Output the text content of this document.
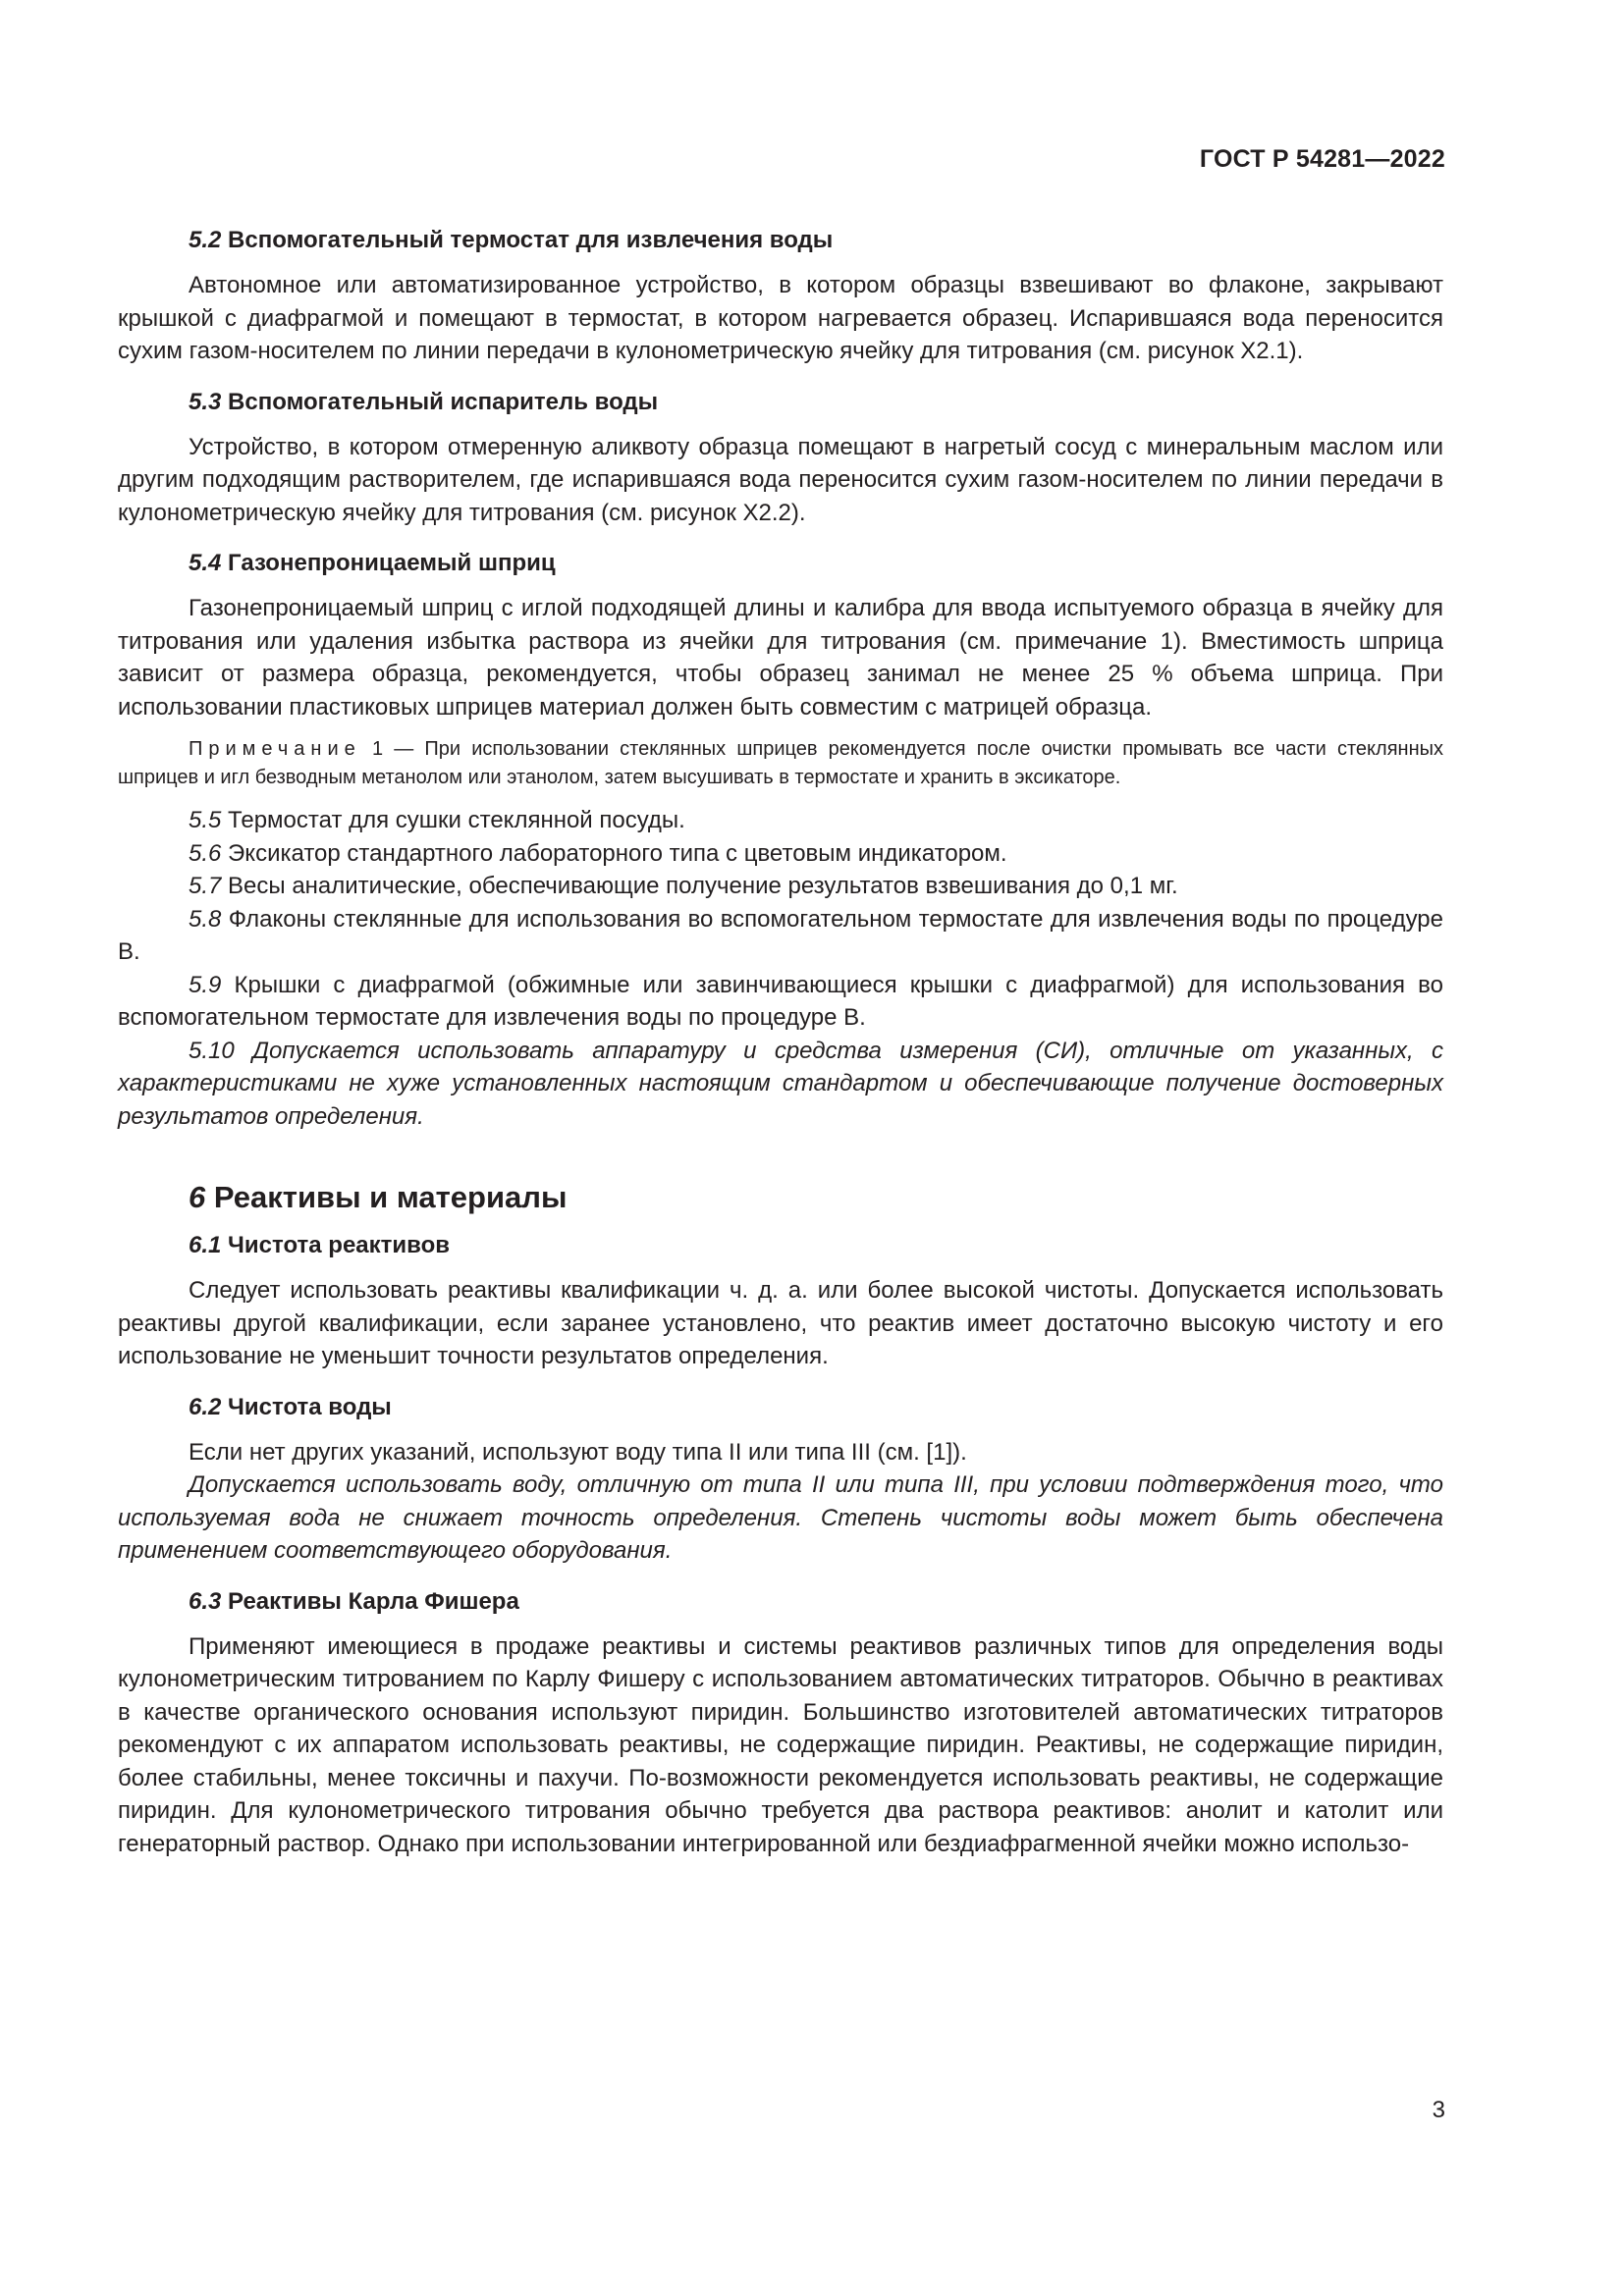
ГОСТ Р 54281—2022

5.2 Вспомогательный термостат для извлечения воды

Автономное или автоматизированное устройство, в котором образцы взвешивают во флаконе, закрывают крышкой с диафрагмой и помещают в термостат, в котором нагревается образец. Испарившаяся вода переносится сухим газом-носителем по линии передачи в кулонометрическую ячейку для титрования (см. рисунок Х2.1).

5.3 Вспомогательный испаритель воды

Устройство, в котором отмеренную аликвоту образца помещают в нагретый сосуд с минеральным маслом или другим подходящим растворителем, где испарившаяся вода переносится сухим газом-носителем по линии передачи в кулонометрическую ячейку для титрования (см. рисунок Х2.2).

5.4 Газонепроницаемый шприц

Газонепроницаемый шприц с иглой подходящей длины и калибра для ввода испытуемого образца в ячейку для титрования или удаления избытка раствора из ячейки для титрования (см. примечание 1). Вместимость шприца зависит от размера образца, рекомендуется, чтобы образец занимал не менее 25 % объема шприца. При использовании пластиковых шприцев материал должен быть совместим с матрицей образца.

Примечание 1 — При использовании стеклянных шприцев рекомендуется после очистки промывать все части стеклянных шприцев и игл безводным метанолом или этанолом, затем высушивать в термостате и хранить в эксикаторе.

5.5 Термостат для сушки стеклянной посуды.

5.6 Эксикатор стандартного лабораторного типа с цветовым индикатором.

5.7 Весы аналитические, обеспечивающие получение результатов взвешивания до 0,1 мг.

5.8 Флаконы стеклянные для использования во вспомогательном термостате для извлечения воды по процедуре В.

5.9 Крышки с диафрагмой (обжимные или завинчивающиеся крышки с диафрагмой) для использования во вспомогательном термостате для извлечения воды по процедуре В.

5.10 Допускается использовать аппаратуру и средства измерения (СИ), отличные от указанных, с характеристиками не хуже установленных настоящим стандартом и обеспечивающие получение достоверных результатов определения.

6 Реактивы и материалы

6.1 Чистота реактивов

Следует использовать реактивы квалификации ч. д. а. или более высокой чистоты. Допускается использовать реактивы другой квалификации, если заранее установлено, что реактив имеет достаточно высокую чистоту и его использование не уменьшит точности результатов определения.

6.2 Чистота воды

Если нет других указаний, используют воду типа II или типа III (см. [1]).

Допускается использовать воду, отличную от типа II или типа III, при условии подтверждения того, что используемая вода не снижает точность определения. Степень чистоты воды может быть обеспечена применением соответствующего оборудования.

6.3 Реактивы Карла Фишера

Применяют имеющиеся в продаже реактивы и системы реактивов различных типов для определения воды кулонометрическим титрованием по Карлу Фишеру с использованием автоматических титраторов. Обычно в реактивах в качестве органического основания используют пиридин. Большинство изготовителей автоматических титраторов рекомендуют с их аппаратом использовать реактивы, не содержащие пиридин. Реактивы, не содержащие пиридин, более стабильны, менее токсичны и пахучи. По-возможности рекомендуется использовать реактивы, не содержащие пиридин. Для кулонометрического титрования обычно требуется два раствора реактивов: анолит и католит или генераторный раствор. Однако при использовании интегрированной или бездиафрагменной ячейки можно использо-

3
